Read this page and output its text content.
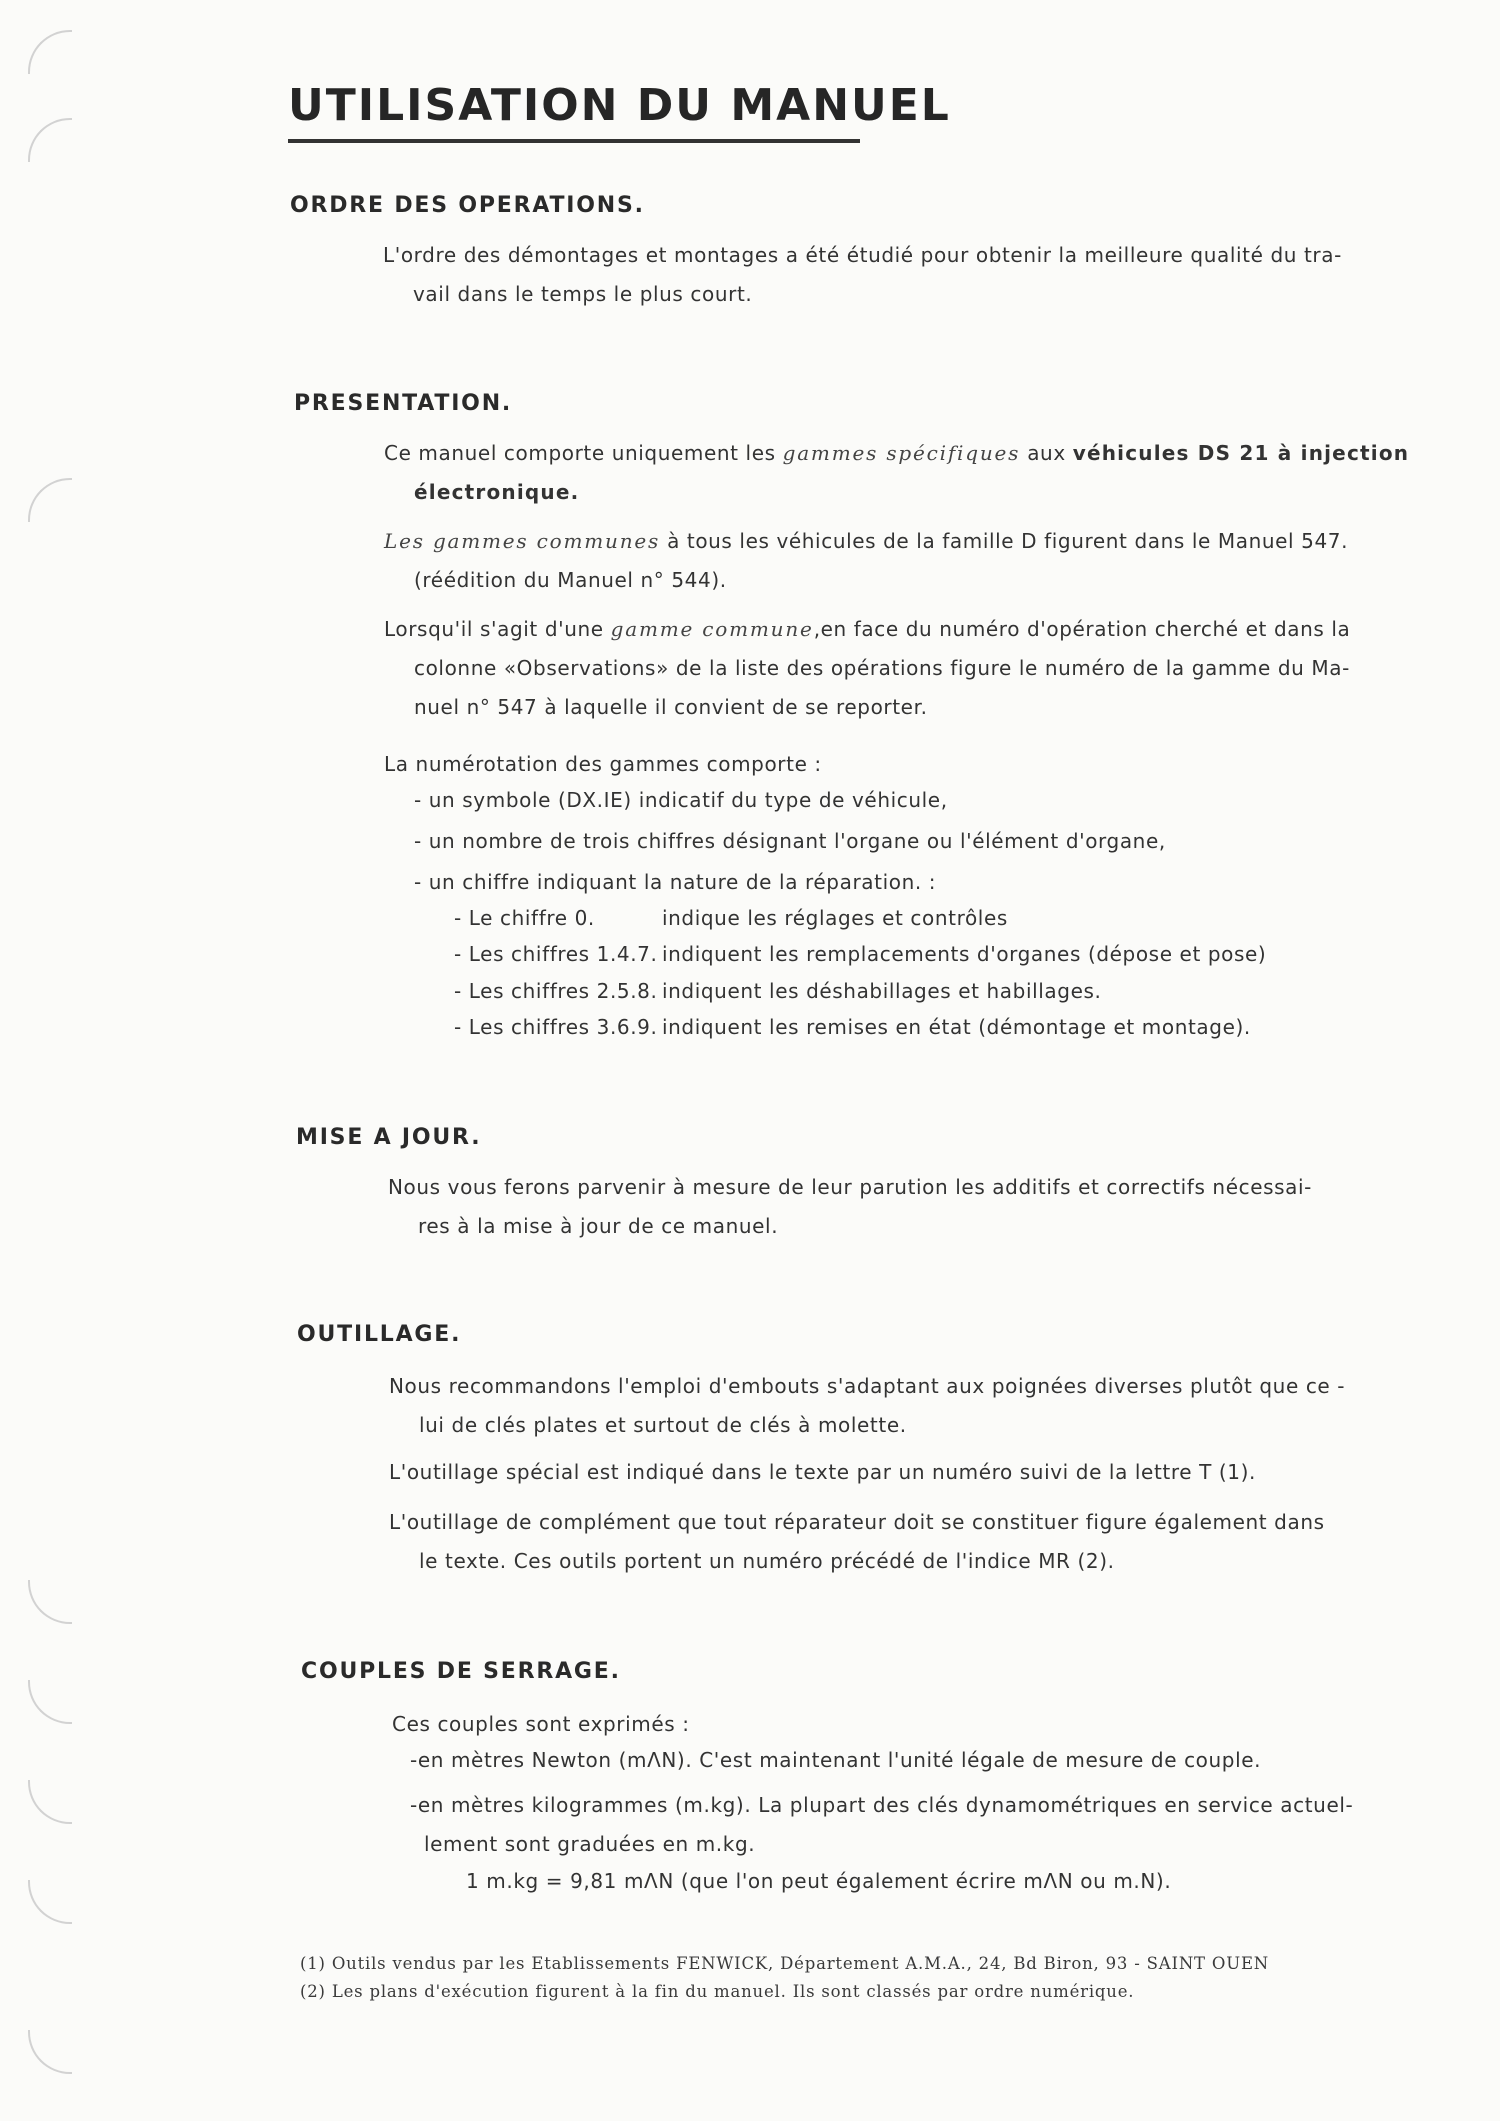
UTILISATION DU MANUEL
ORDRE DES OPERATIONS.
L'ordre des démontages et montages a été étudié pour obtenir la meilleure qualité du tra-
vail dans le temps le plus court.
PRESENTATION.
Ce manuel comporte uniquement les gammes spécifiques aux véhicules DS 21 à injection
électronique.
Les gammes communes à tous les véhicules de la famille D figurent dans le Manuel 547.
(réédition du Manuel n° 544).
Lorsqu'il s'agit d'une gamme commune,en face du numéro d'opération cherché et dans la
colonne «Observations» de la liste des opérations figure le numéro de la gamme du Ma-
nuel n° 547 à laquelle il convient de se reporter.
La numérotation des gammes comporte :
- un symbole (DX.IE) indicatif du type de véhicule,
- un nombre de trois chiffres désignant l'organe ou l'élément d'organe,
- un chiffre indiquant la nature de la réparation. :
- Le chiffre 0.	indique les réglages et contrôles
- Les chiffres 1.4.7. indiquent les remplacements d'organes (dépose et pose)
- Les chiffres 2.5.8. indiquent les déshabillages et habillages.
- Les chiffres 3.6.9. indiquent les remises en état (démontage et montage).
MISE A JOUR.
Nous vous ferons parvenir à mesure de leur parution les additifs et correctifs nécessai-
res à la mise à jour de ce manuel.
OUTILLAGE.
Nous recommandons l'emploi d'embouts s'adaptant aux poignées diverses plutôt que ce -
lui de clés plates et surtout de clés à molette.
L'outillage spécial est indiqué dans le texte par un numéro suivi de la lettre T (1).
L'outillage de complément que tout réparateur doit se constituer figure également dans
le texte. Ces outils portent un numéro précédé de l'indice MR (2).
COUPLES DE SERRAGE.
Ces couples sont exprimés :
-en mètres Newton (mΛN). C'est maintenant l'unité légale de mesure de couple.
-en mètres kilogrammes (m.kg). La plupart des clés dynamométriques en service actuel-
lement sont graduées en m.kg.
1 m.kg = 9,81 mΛN (que l'on peut également écrire mΛN ou m.N).
(1) Outils vendus par les Etablissements FENWICK, Département A.M.A., 24, Bd Biron, 93 - SAINT OUEN
(2) Les plans d'exécution figurent à la fin du manuel. Ils sont classés par ordre numérique.
